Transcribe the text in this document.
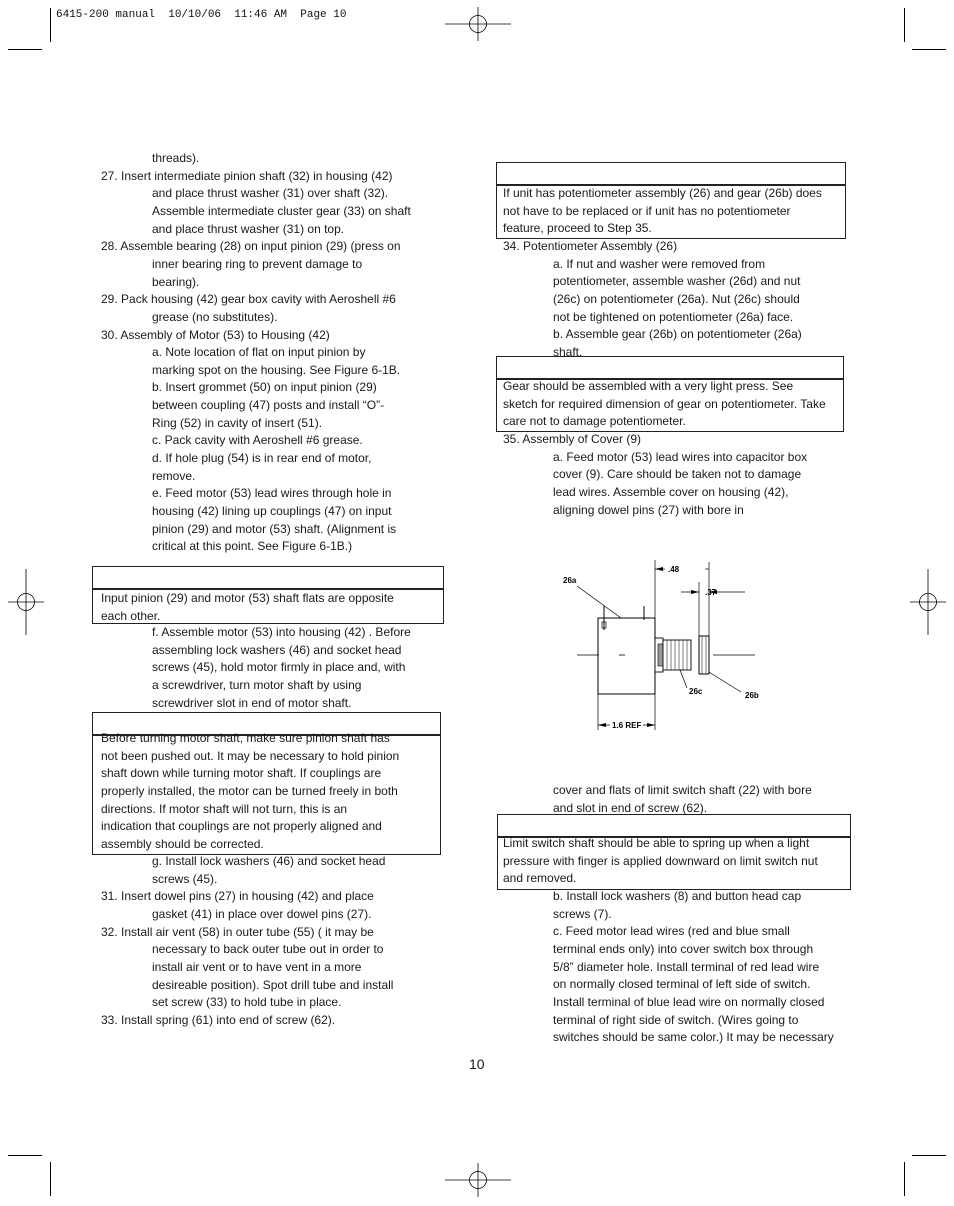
6415-200 manual  10/10/06  11:46 AM  Page 10
threads).
27. Insert intermediate pinion shaft (32) in housing (42)
and place thrust washer (31) over shaft (32).
Assemble intermediate cluster gear (33) on shaft
and place thrust washer (31) on top.
28. Assemble bearing (28) on input pinion (29) (press on
inner bearing ring to prevent damage to
bearing).
29. Pack housing (42) gear box cavity with Aeroshell #6
grease (no substitutes).
30. Assembly of Motor (53) to Housing (42)
a. Note location of flat on input pinion by
marking spot on the housing. See Figure 6-1B.
b. Insert grommet (50) on input pinion (29)
between coupling (47) posts and install “O”-
Ring (52) in cavity of insert (51).
c. Pack cavity with Aeroshell #6 grease.
d. If hole plug (54) is in rear end of motor,
remove.
e. Feed motor (53) lead wires through hole in
housing (42) lining up couplings (47) on input
pinion (29) and motor (53) shaft. (Alignment is
critical at this point. See Figure 6-1B.)
Input pinion (29) and motor (53) shaft flats are opposite
each other.
f. Assemble motor (53) into housing (42) . Before
assembling lock washers (46) and socket head
screws (45), hold motor firmly in place and, with
a screwdriver, turn motor shaft by using
screwdriver slot in end of motor shaft.
Before turning motor shaft, make sure pinion shaft has
not been pushed out. It may be necessary to hold pinion
shaft down while turning motor shaft. If couplings are
properly installed, the motor can be turned freely in both
directions. If motor shaft will not turn, this is an
indication that couplings are not properly aligned and
assembly should be corrected.
g. Install lock washers (46) and socket head
screws (45).
31. Insert dowel pins (27) in housing (42) and place
gasket (41) in place over dowel pins (27).
32. Install air vent (58) in outer tube (55) ( it may be
necessary to back outer tube out in order to
install air vent or to have vent in a more
desireable position). Spot drill tube and install
set screw (33) to hold tube in place.
33. Install spring (61) into end of screw (62).
If unit has potentiometer assembly (26) and gear (26b) does
not have to be replaced or if unit has no potentiometer
feature, proceed to Step 35.
34. Potentiometer Assembly (26)
a. If nut and washer were removed from
potentiometer, assemble washer (26d) and nut
(26c) on potentiometer (26a). Nut (26c) should
not be tightened on potentiometer (26a) face.
b. Assemble gear (26b) on potentiometer (26a)
shaft.
Gear should be assembled with a very light press. See
sketch for required dimension of gear on potentiometer. Take
care not to damage potentiometer.
35. Assembly of Cover (9)
a. Feed motor (53) lead wires into capacitor box
cover (9). Care should be taken not to damage
lead wires. Assemble cover on housing (42),
aligning dowel pins (27) with bore in
.48
.37
26a
26c	26b
1.6 REF
cover and flats of limit switch shaft (22) with bore
and slot in end of screw (62).
Limit switch shaft should be able to spring up when a light
pressure with finger is applied downward on limit switch nut
and removed.
b. Install lock washers (8) and button head cap
screws (7).
c. Feed motor lead wires (red and blue small
terminal ends only) into cover switch box through
5/8” diameter hole. Install terminal of red lead wire
on normally closed terminal of left side of switch.
Install terminal of blue lead wire on normally closed
terminal of right side of switch. (Wires going to
switches should be same color.) It may be necessary
10
